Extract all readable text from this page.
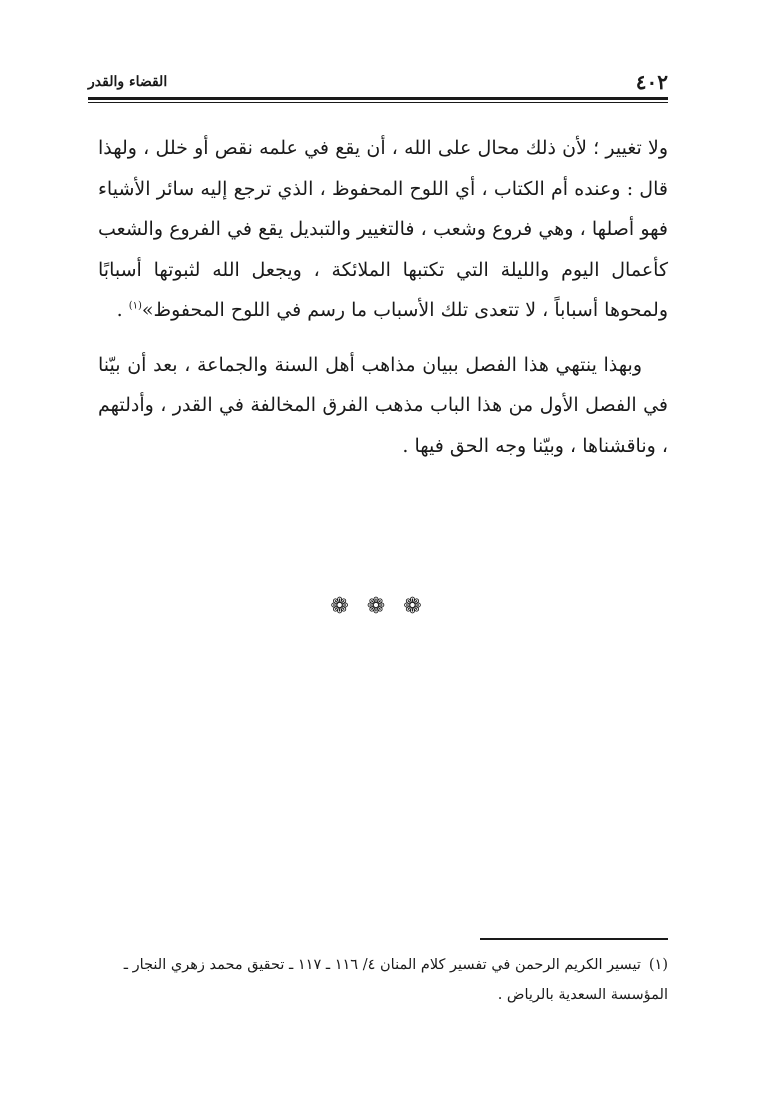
٤٠٢
القضاء والقدر

ولا تغيير ؛ لأن ذلك محال على الله ، أن يقع في علمه نقص أو خلل ، ولهذا قال : وعنده أم الكتاب ، أي اللوح المحفوظ ، الذي ترجع إليه سائر الأشياء فهو أصلها ، وهي فروع وشعب ، فالتغيير والتبديل يقع في الفروع والشعب كأعمال اليوم والليلة التي تكتبها الملائكة ، ويجعل الله لثبوتها أسبابًا ولمحوها أسباباً ، لا تتعدى تلك الأسباب ما رسم في اللوح المحفوظ»$^{(١)}$ .

وبهذا ينتهي هذا الفصل ببيان مذاهب أهل السنة والجماعة ، بعد أن بيّنا في الفصل الأول من هذا الباب مذهب الفرق المخالفة في القدر ، وأدلتهم ، وناقشناها ، وبيّنا وجه الحق فيها .

❁❁❁
(١)تيسير الكريم الرحمن في تفسير كلام المنان ٤/ ١١٦ ـ ١١٧ ـ تحقيق محمد زهري النجار ـ المؤسسة السعدية بالرياض .
